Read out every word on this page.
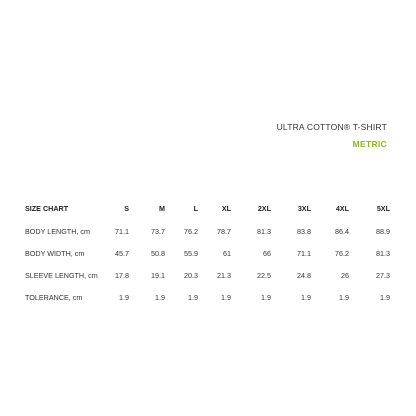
ULTRA COTTON® T-SHIRT
METRIC
SIZE CHART	S	M	L	XL	2XL	3XL	4XL	5XL
BODY LENGTH, cm	71.1	73.7	76.2	78.7	81.3	83.8	86.4	88.9
BODY WIDTH, cm	45.7	50.8	55.9	61	66	71.1	76.2	81.3
SLEEVE LENGTH, cm	17.8	19.1	20.3	21.3	22.5	24.8	26	27.3
TOLERANCE, cm	1.9	1.9	1.9	1.9	1.9	1.9	1.9	1.9
